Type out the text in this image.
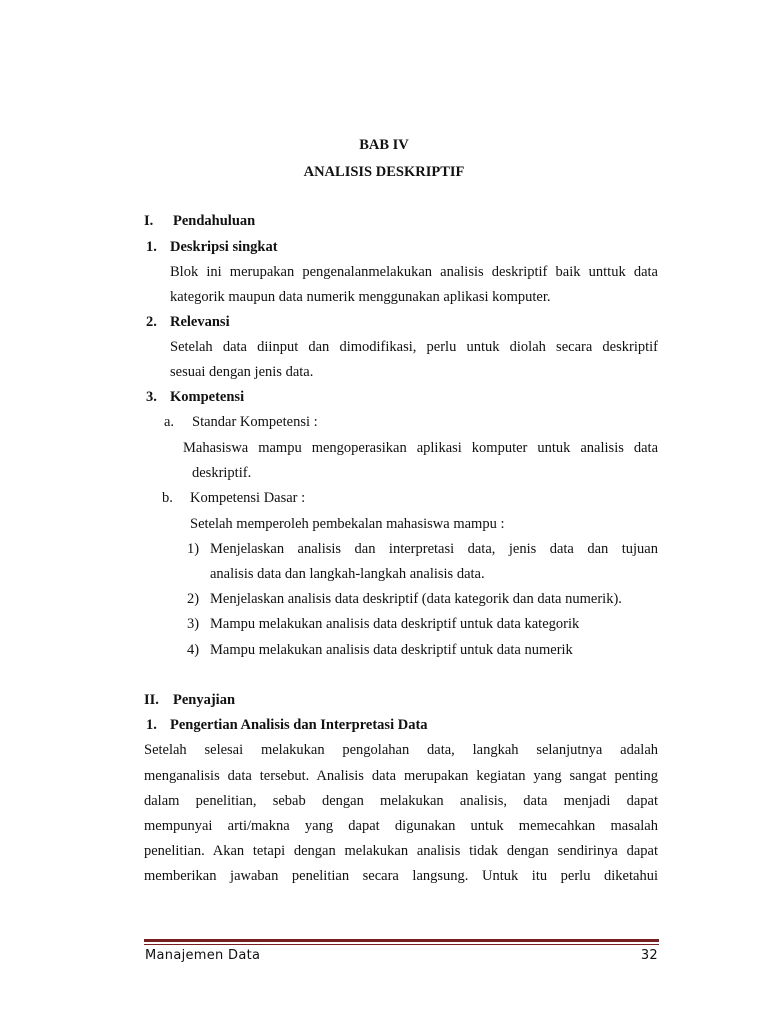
BAB IV
ANALISIS DESKRIPTIF
I. Pendahuluan
1. Deskripsi singkat
Blok ini merupakan pengenalanmelakukan analisis deskriptif baik unttuk data
kategorik maupun data numerik menggunakan aplikasi komputer.
2. Relevansi
Setelah data diinput dan dimodifikasi, perlu untuk diolah secara deskriptif
sesuai dengan jenis data.
3. Kompetensi
a. Standar Kompetensi :
Mahasiswa mampu mengoperasikan aplikasi komputer untuk analisis data
deskriptif.
b. Kompetensi Dasar :
Setelah memperoleh pembekalan mahasiswa mampu :
1) Menjelaskan analisis dan interpretasi data, jenis data dan tujuan
analisis data dan langkah-langkah analisis data.
2) Menjelaskan analisis data deskriptif (data kategorik dan data numerik).
3) Mampu melakukan analisis data deskriptif untuk data kategorik
4) Mampu melakukan analisis data deskriptif untuk data numerik
II. Penyajian
1. Pengertian Analisis dan Interpretasi Data
Setelah selesai melakukan pengolahan data, langkah selanjutnya adalah
menganalisis data tersebut. Analisis data merupakan kegiatan yang sangat penting
dalam penelitian, sebab dengan melakukan analisis, data menjadi dapat
mempunyai arti/makna yang dapat digunakan untuk memecahkan masalah
penelitian. Akan tetapi dengan melakukan analisis tidak dengan sendirinya dapat
memberikan jawaban penelitian secara langsung. Untuk itu perlu diketahui
Manajemen Data	32
